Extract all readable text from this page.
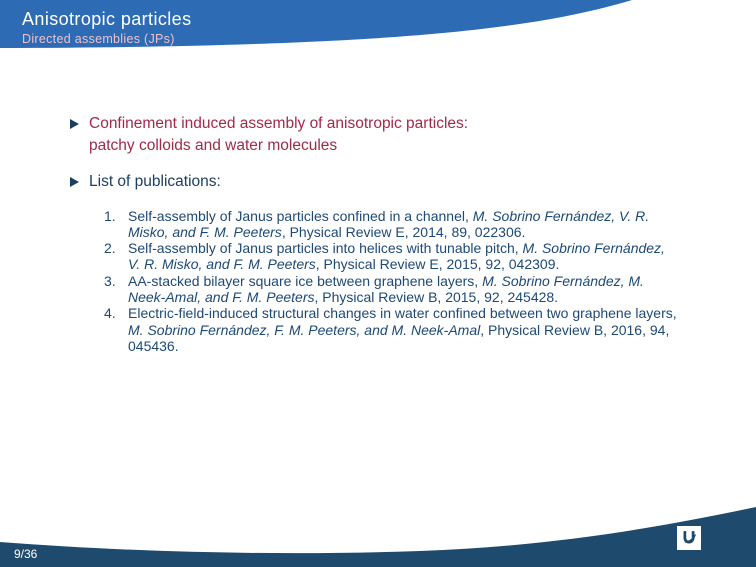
Anisotropic particles
Directed assemblies (JPs)
Confinement induced assembly of anisotropic particles:
patchy colloids and water molecules
List of publications:
1. Self-assembly of Janus particles confined in a channel, M. Sobrino Fernández, V. R. Misko, and F. M. Peeters, Physical Review E, 2014, 89, 022306.
2. Self-assembly of Janus particles into helices with tunable pitch, M. Sobrino Fernández, V. R. Misko, and F. M. Peeters, Physical Review E, 2015, 92, 042309.
3. AA-stacked bilayer square ice between graphene layers, M. Sobrino Fernández, M. Neek-Amal, and F. M. Peeters, Physical Review B, 2015, 92, 245428.
4. Electric-field-induced structural changes in water confined between two graphene layers, M. Sobrino Fernández, F. M. Peeters, and M. Neek-Amal, Physical Review B, 2016, 94, 045436.
9/36
